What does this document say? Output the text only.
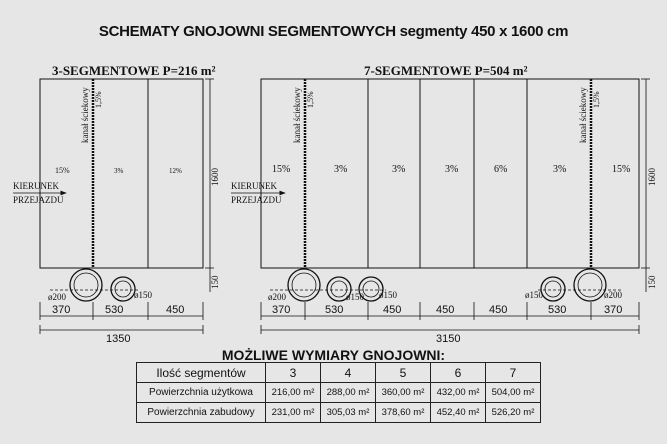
SCHEMATY GNOJOWNI SEGMENTOWYCH segmenty 450 x 1600 cm
3-SEGMENTOWE P=216 m²
kanał ściekowy 1,5%
15%	3%	12%
KIERUNEK
PRZEJAZDU
1600
150
ø200	ø150
370	530	450
1350
7-SEGMENTOWE P=504 m²
kanał ściekowy 1,5%	kanał ściekowy 1,5%
15%	3%	3%	3%	6%	3%	15%
KIERUNEK
PRZEJAZDU
1600
150
ø200	ø150 ø150	ø150	ø200
370	530	450	450	450	530	370
3150
MOŻLIWE WYMIARY GNOJOWNI:
Ilość segmentów	3	4	5	6	7
Powierzchnia użytkowa	216,00 m²	288,00 m²	360,00 m²	432,00 m²	504,00 m²
Powierzchnia zabudowy	231,00 m²	305,03 m²	378,60 m²	452,40 m²	526,20 m²
